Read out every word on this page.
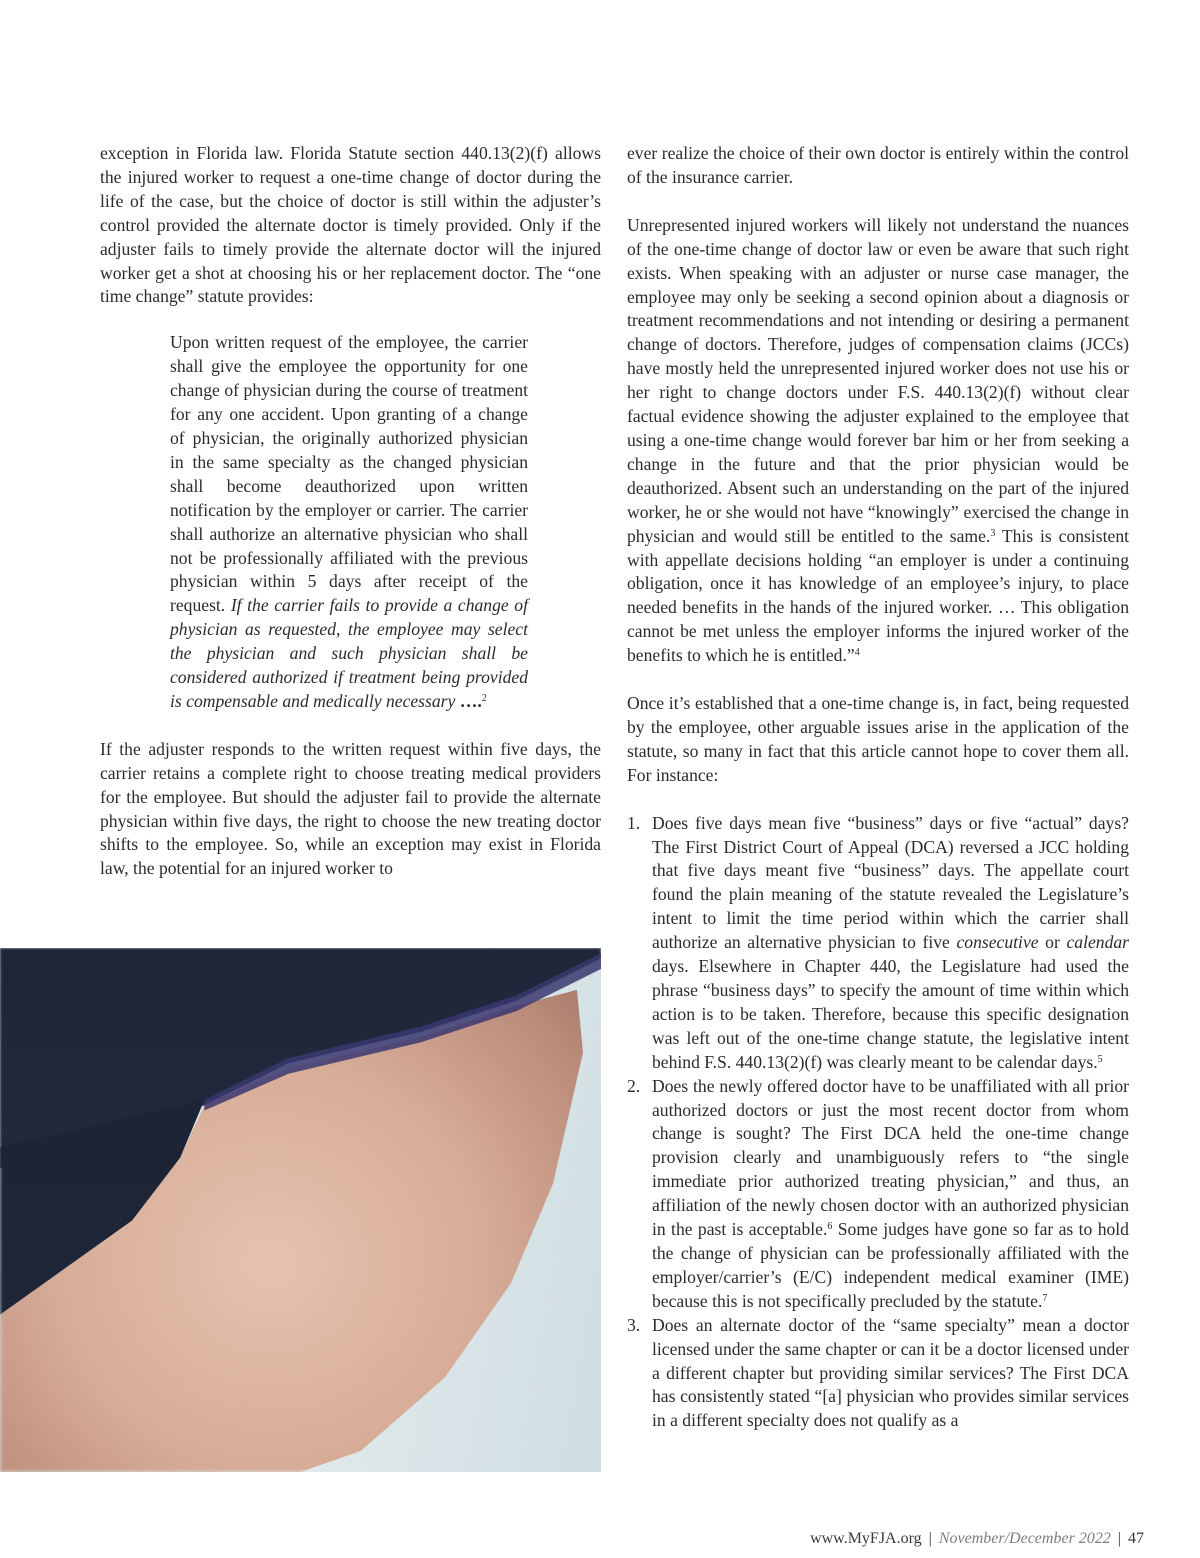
exception in Florida law. Florida Statute section 440.13(2)(f) allows the injured worker to request a one-time change of doctor during the life of the case, but the choice of doctor is still within the adjuster’s control provided the alternate doctor is timely provided. Only if the adjuster fails to timely provide the alternate doctor will the injured worker get a shot at choosing his or her replacement doctor. The “one time change” statute provides:

Upon written request of the employee, the carrier shall give the employee the opportunity for one change of physician during the course of treatment for any one accident. Upon granting of a change of physician, the originally authorized physician in the same specialty as the changed physician shall become deauthorized upon written notification by the employer or carrier. The carrier shall authorize an alternative physician who shall not be professionally affiliated with the previous physician within 5 days after receipt of the request. If the carrier fails to provide a change of physician as requested, the employee may select the physician and such physician shall be considered authorized if treatment being provided is compensable and medically necessary ….$^2$

If the adjuster responds to the written request within five days, the carrier retains a complete right to choose treating medical providers for the employee. But should the adjuster fail to provide the alternate physician within five days, the right to choose the new treating doctor shifts to the employee. So, while an exception may exist in Florida law, the potential for an injured worker to

ever realize the choice of their own doctor is entirely within the control of the insurance carrier.

Unrepresented injured workers will likely not understand the nuances of the one-time change of doctor law or even be aware that such right exists. When speaking with an adjuster or nurse case manager, the employee may only be seeking a second opinion about a diagnosis or treatment recommendations and not intending or desiring a permanent change of doctors. Therefore, judges of compensation claims (JCCs) have mostly held the unrepresented injured worker does not use his or her right to change doctors under F.S. 440.13(2)(f) without clear factual evidence showing the adjuster explained to the employee that using a one-time change would forever bar him or her from seeking a change in the future and that the prior physician would be deauthorized. Absent such an understanding on the part of the injured worker, he or she would not have “knowingly” exercised the change in physician and would still be entitled to the same.$^3$ This is consistent with appellate decisions holding “an employer is under a continuing obligation, once it has knowledge of an employee’s injury, to place needed benefits in the hands of the injured worker. … This obligation cannot be met unless the employer informs the injured worker of the benefits to which he is entitled.”$^4$

Once it’s established that a one-time change is, in fact, being requested by the employee, other arguable issues arise in the application of the statute, so many in fact that this article cannot hope to cover them all. For instance:

1. Does five days mean five “business” days or five “actual” days? The First District Court of Appeal (DCA) reversed a JCC holding that five days meant five “business” days. The appellate court found the plain meaning of the statute revealed the Legislature’s intent to limit the time period within which the carrier shall authorize an alternative physician to five consecutive or calendar days. Elsewhere in Chapter 440, the Legislature had used the phrase “business days” to specify the amount of time within which action is to be taken. Therefore, because this specific designation was left out of the one-time change statute, the legislative intent behind F.S. 440.13(2)(f) was clearly meant to be calendar days.$^5$
2. Does the newly offered doctor have to be unaffiliated with all prior authorized doctors or just the most recent doctor from whom change is sought? The First DCA held the one-time change provision clearly and unambiguously refers to “the single immediate prior authorized treating physician,” and thus, an affiliation of the newly chosen doctor with an authorized physician in the past is acceptable.$^6$ Some judges have gone so far as to hold the change of physician can be professionally affiliated with the employer/carrier’s (E/C) independent medical examiner (IME) because this is not specifically precluded by the statute.$^7$
3. Does an alternate doctor of the “same specialty” mean a doctor licensed under the same chapter or can it be a doctor licensed under a different chapter but providing similar services? The First DCA has consistently stated “[a] physician who provides similar services in a different specialty does not qualify as a
www.MyFJA.org | November/December 2022 | 47
